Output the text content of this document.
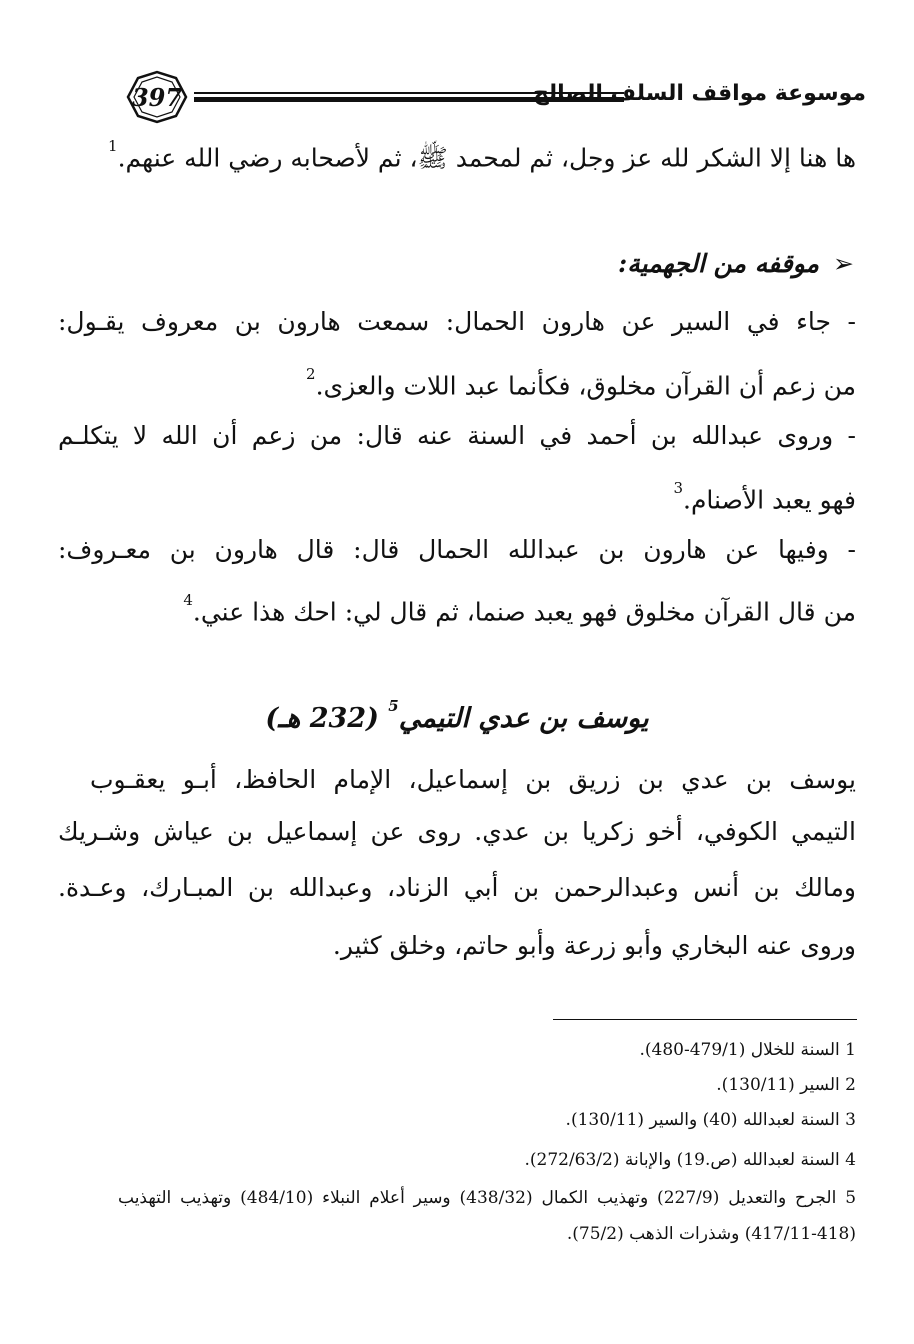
397	موسوعة مواقف السلف الصالح
ها هنا إلا الشكر لله عز وجل، ثم لمحمد ﷺ، ثم لأصحابه رضي الله عنهم.$^1$
➢موقفه من الجهمية:
- جاء في السير عن هارون الحمال: سمعت هارون بن معروف يقـول:
من زعم أن القرآن مخلوق، فكأنما عبد اللات والعزى.$^2$
- وروى عبدالله بن أحمد في السنة عنه قال: من زعم أن الله لا يتكلـم
فهو يعبد الأصنام.$^3$
- وفيها عن هارون بن عبدالله الحمال قال: قال هارون بن معـروف:
من قال القرآن مخلوق فهو يعبد صنما، ثم قال لي: احك هذا عني.$^4$
يوسف بن عدي التيمي$^5$ (232 هـ)
يوسف بن عدي بن زريق بن إسماعيل، الإمام الحافظ، أبـو يعقـوب
التيمي الكوفي، أخو زكريا بن عدي. روى عن إسماعيل بن عياش وشـريك
ومالك بن أنس وعبدالرحمن بن أبي الزناد، وعبدالله بن المبـارك، وعـدة.
وروى عنه البخاري وأبو زرعة وأبو حاتم، وخلق كثير.
1 السنة للخلال (479/1-480).
2 السير (130/11).
3 السنة لعبدالله (40) والسير (130/11).
4 السنة لعبدالله (ص.19) والإبانة (272/63/2).
5 الجرح والتعديل (227/9) وتهذيب الكمال (438/32) وسير أعلام النبلاء (484/10) وتهذيب التهذيب
(417/11-418) وشذرات الذهب (75/2).
